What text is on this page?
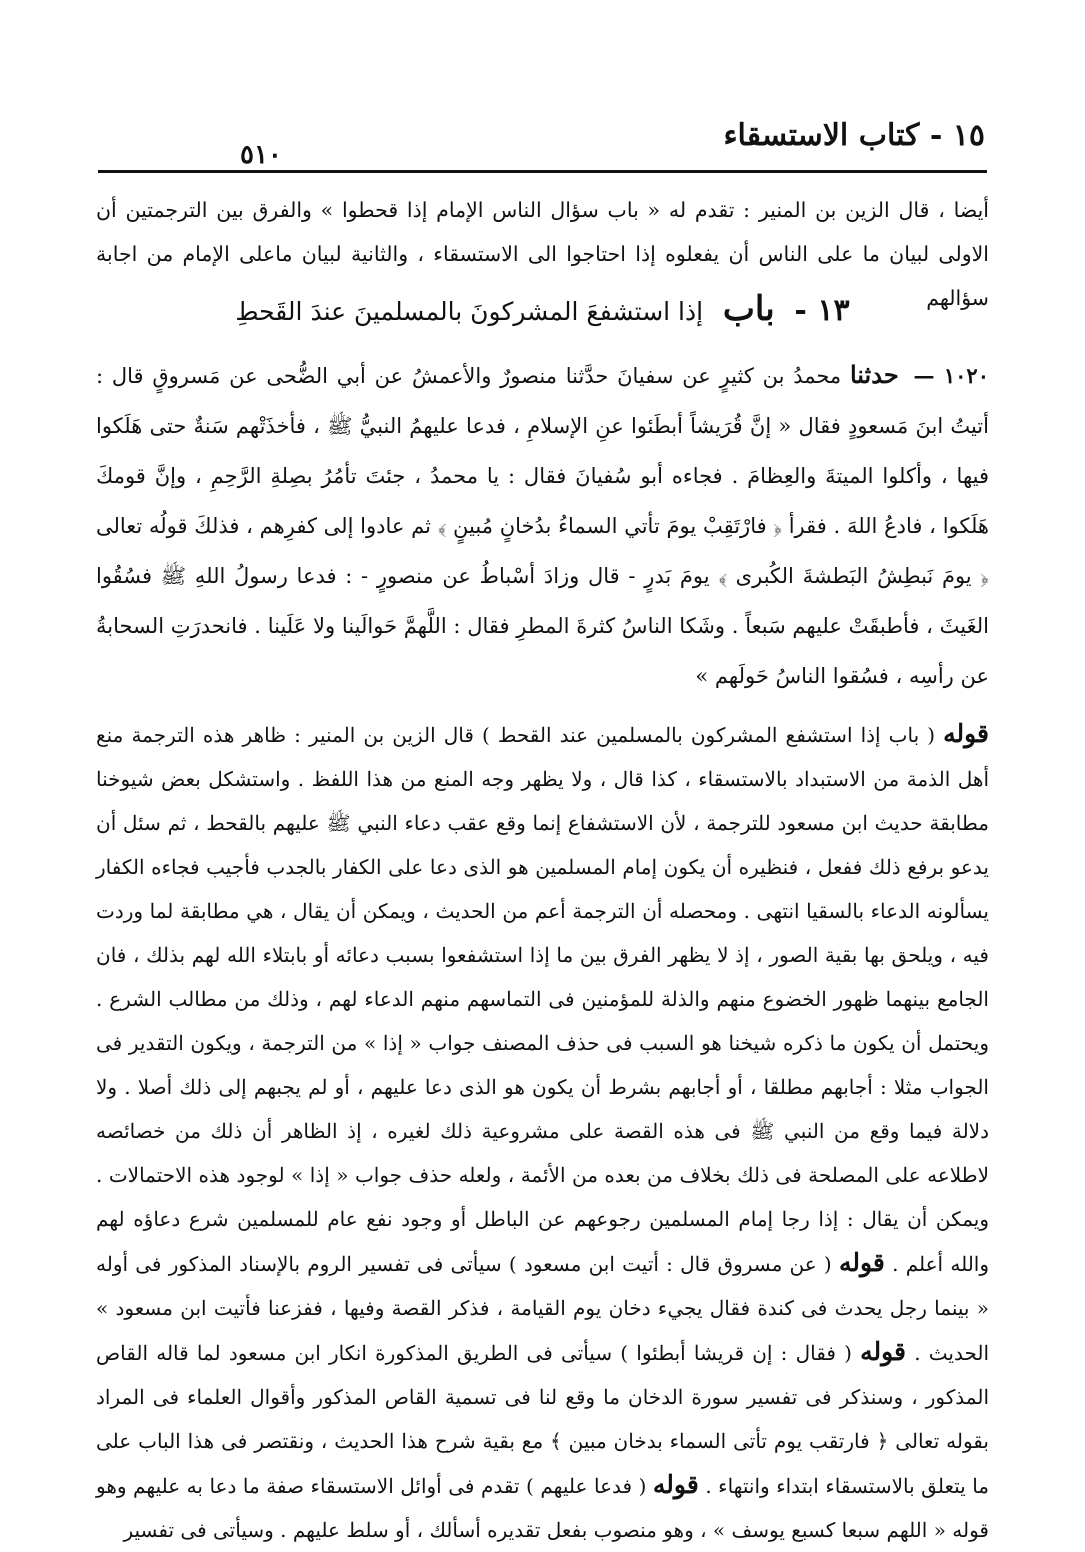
١٥ - كتاب الاستسقاء
٥١٠

أيضا ، قال الزين بن المنير : تقدم له « باب سؤال الناس الإمام إذا قحطوا » والفرق بين الترجمتين أن الاولى لبيان ما على الناس أن يفعلوه إذا احتاجوا الى الاستسقاء ، والثانية لبيان ماعلى الإمام من اجابة سؤالهم

١٣ - باب إذا استشفعَ المشركونَ بالمسلمينَ عندَ القَحطِ

١٠٢٠ — حدثنا محمدُ بن كثيرٍ عن سفيانَ حدَّثنا منصورٌ والأعمشُ عن أبي الضُّحى عن مَسروقٍ قال : أتيتُ ابنَ مَسعودٍ فقال « إنَّ قُرَيشاً أبطَئوا عنِ الإسلامِ ، فدعا عليهمُ النبيُّ ﷺ ، فأخذَتْهم سَنةٌ حتى هَلَكوا فيها ، وأكلوا الميتةَ والعِظامَ . فجاءه أبو سُفيانَ فقال : يا محمدُ ، جئتَ تأمُرُ بصِلةِ الرَّحِمِ ، وإنَّ قومكَ هَلَكوا ، فادعُ اللهَ . فقرأ ﴿ فارْتَقِبْ يومَ تأتي السماءُ بدُخانٍ مُبينٍ ﴾ ثم عادوا إلى كفرِهم ، فذلكَ قولُه تعالى ﴿ يومَ نَبطِشُ البَطشةَ الكُبرى ﴾ يومَ بَدرٍ - قال وزادَ أسْباطُ عن منصورٍ - : فدعا رسولُ اللهِ ﷺ فسُقُوا الغَيثَ ، فأطبقَتْ عليهم سَبعاً . وشَكا الناسُ كثرةَ المطرِ فقال : اللَّهمَّ حَوالَينا ولا عَلَينا . فانحدرَتِ السحابةُ عن رأسِه ، فسُقوا الناسُ حَولَهم »

قوله ( باب إذا استشفع المشركون بالمسلمين عند القحط ) قال الزين بن المنير : ظاهر هذه الترجمة منع أهل الذمة من الاستبداد بالاستسقاء ، كذا قال ، ولا يظهر وجه المنع من هذا اللفظ . واستشكل بعض شيوخنا مطابقة حديث ابن مسعود للترجمة ، لأن الاستشفاع إنما وقع عقب دعاء النبي ﷺ عليهم بالقحط ، ثم سئل أن يدعو برفع ذلك ففعل ، فنظيره أن يكون إمام المسلمين هو الذى دعا على الكفار بالجدب فأجيب فجاءه الكفار يسألونه الدعاء بالسقيا انتهى . ومحصله أن الترجمة أعم من الحديث ، ويمكن أن يقال ، هي مطابقة لما وردت فيه ، ويلحق بها بقية الصور ، إذ لا يظهر الفرق بين ما إذا استشفعوا بسبب دعائه أو بابتلاء الله لهم بذلك ، فان الجامع بينهما ظهور الخضوع منهم والذلة للمؤمنين فى التماسهم منهم الدعاء لهم ، وذلك من مطالب الشرع . ويحتمل أن يكون ما ذكره شيخنا هو السبب فى حذف المصنف جواب « إذا » من الترجمة ، ويكون التقدير فى الجواب مثلا : أجابهم مطلقا ، أو أجابهم بشرط أن يكون هو الذى دعا عليهم ، أو لم يجبهم إلى ذلك أصلا . ولا دلالة فيما وقع من النبي ﷺ فى هذه القصة على مشروعية ذلك لغيره ، إذ الظاهر أن ذلك من خصائصه لاطلاعه على المصلحة فى ذلك بخلاف من بعده من الأئمة ، ولعله حذف جواب « إذا » لوجود هذه الاحتمالات . ويمكن أن يقال : إذا رجا إمام المسلمين رجوعهم عن الباطل أو وجود نفع عام للمسلمين شرع دعاؤه لهم والله أعلم . قوله ( عن مسروق قال : أتيت ابن مسعود ) سيأتى فى تفسير الروم بالإسناد المذكور فى أوله « بينما رجل يحدث فى كندة فقال يجيء دخان يوم القيامة ، فذكر القصة وفيها ، ففزعنا فأتيت ابن مسعود » الحديث . قوله ( فقال : إن قريشا أبطئوا ) سيأتى فى الطريق المذكورة انكار ابن مسعود لما قاله القاص المذكور ، وسنذكر فى تفسير سورة الدخان ما وقع لنا فى تسمية القاص المذكور وأقوال العلماء فى المراد بقوله تعالى ﴿ فارتقب يوم تأتى السماء بدخان مبين ﴾ مع بقية شرح هذا الحديث ، ونقتصر فى هذا الباب على ما يتعلق بالاستسقاء ابتداء وانتهاء . قوله ( فدعا عليهم ) تقدم فى أوائل الاستسقاء صفة ما دعا به عليهم وهو قوله « اللهم سبعا كسبع يوسف » ، وهو منصوب بفعل تقديره أسألك ، أو سلط عليهم . وسيأتى فى تفسير
